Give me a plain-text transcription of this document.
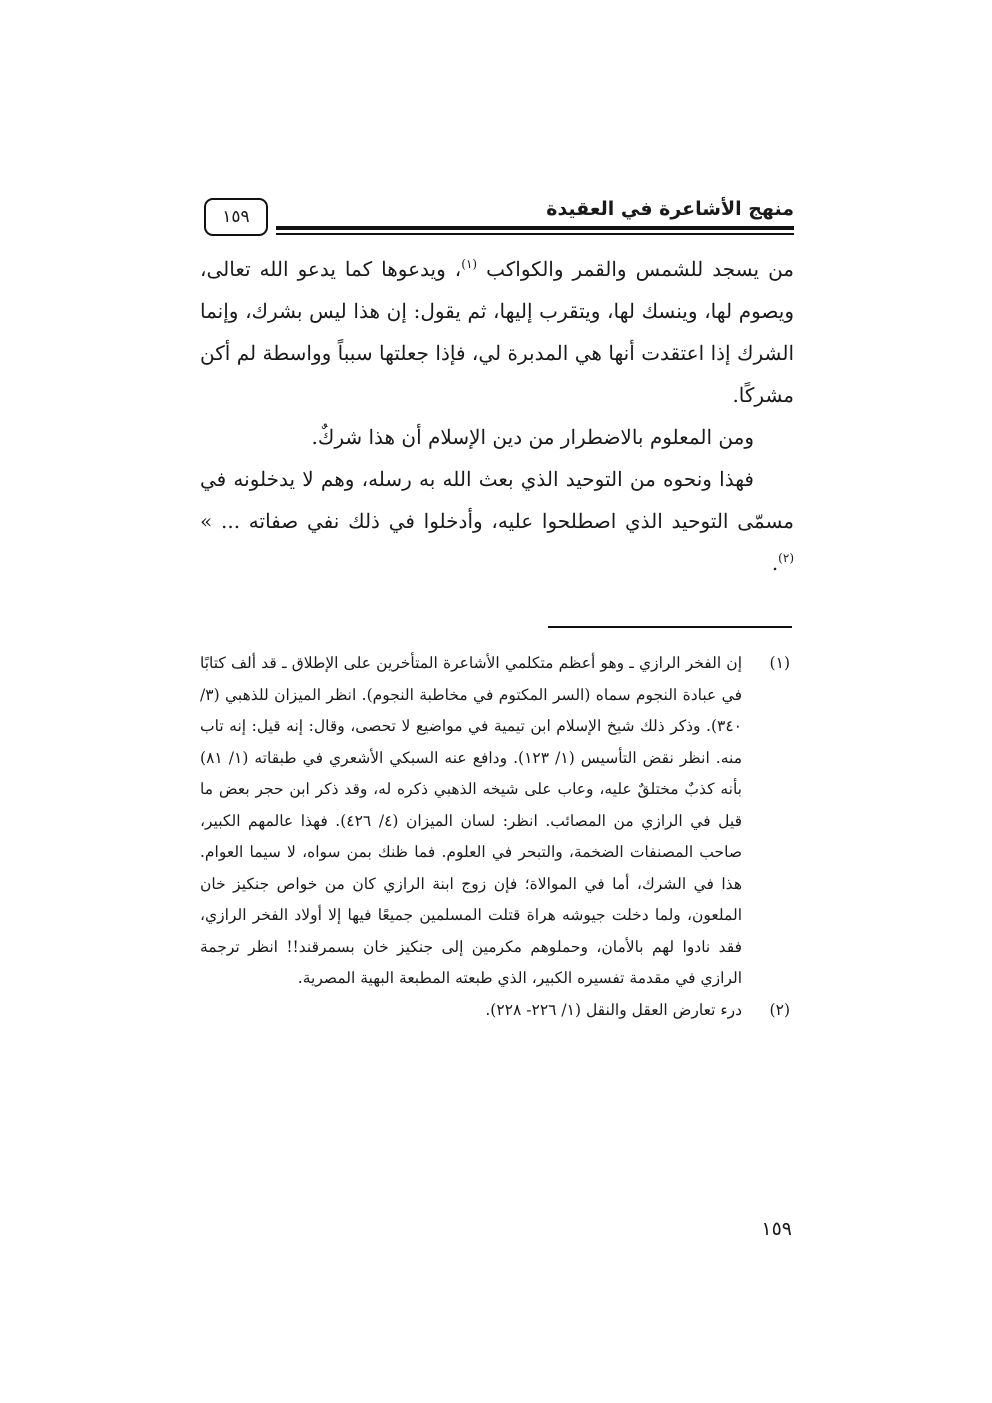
منهج الأشاعرة في العقيدة
١٥٩

من يسجد للشمس والقمر والكواكب $^{(١)}$، ويدعوها كما يدعو الله تعالى، ويصوم لها، وينسك لها، ويتقرب إليها، ثم يقول: إن هذا ليس بشرك، وإنما الشرك إذا اعتقدت أنها هي المدبرة لي، فإذا جعلتها سبباً وواسطة لم أكن مشركًا.

ومن المعلوم بالاضطرار من دين الإسلام أن هذا شركٌ.

فهذا ونحوه من التوحيد الذي بعث الله به رسله، وهم لا يدخلونه في مسمّى التوحيد الذي اصطلحوا عليه، وأدخلوا في ذلك نفي صفاته ... » $^{(٢)}$.

(١)
إن الفخر الرازي ـ وهو أعظم متكلمي الأشاعرة المتأخرين على الإطلاق ـ قد ألف كتابًا في عبادة النجوم سماه (السر المكتوم في مخاطبة النجوم). انظر الميزان للذهبي (٣/ ٣٤٠). وذكر ذلك شيخ الإسلام ابن تيمية في مواضيع لا تحصى، وقال: إنه قيل: إنه تاب منه. انظر نقض التأسيس (١/ ١٢٣). ودافع عنه السبكي الأشعري في طبقاته (١/ ٨١) بأنه كذبٌ مختلقٌ عليه، وعاب على شيخه الذهبي ذكره له، وقد ذكر ابن حجر بعض ما قيل في الرازي من المصائب. انظر: لسان الميزان (٤/ ٤٢٦). فهذا عالمهم الكبير، صاحب المصنفات الضخمة، والتبحر في العلوم. فما ظنك بمن سواه، لا سيما العوام. هذا في الشرك، أما في الموالاة؛ فإن زوج ابنة الرازي كان من خواص جنكيز خان الملعون، ولما دخلت جيوشه هراة قتلت المسلمين جميعًا فيها إلا أولاد الفخر الرازي، فقد نادوا لهم بالأمان، وحملوهم مكرمين إلى جنكيز خان بسمرقند!! انظر ترجمة الرازي في مقدمة تفسيره الكبير، الذي طبعته المطبعة البهية المصرية.
(٢)
درء تعارض العقل والنقل (١/ ٢٢٦- ٢٢٨).
١٥٩
